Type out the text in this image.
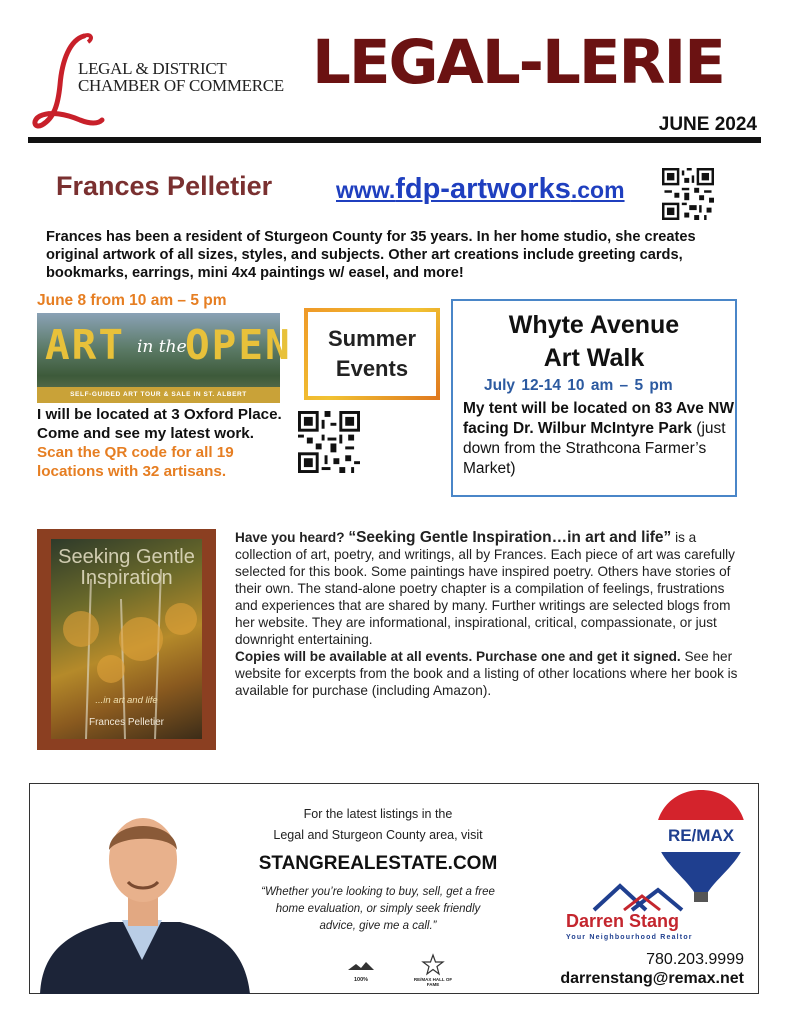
LEGAL & DISTRICT
CHAMBER OF COMMERCE LEGAL-LERIE
JUNE 2024
Frances Pelletier	www.fdp-artworks.com
Frances has been a resident of Sturgeon County for 35 years. In her home studio, she creates original artwork of all sizes, styles, and subjects. Other art creations include greeting cards, bookmarks, earrings, mini 4x4 paintings w/ easel, and more!
June 8 from 10 am – 5 pm
ART in the
OPEN
SELF-GUIDED ART TOUR & SALE IN ST. ALBERT
I will be located at 3 Oxford Place. Come and see my latest work. Scan the QR code for all 19 locations with 32 artisans.
Summer
Events
Whyte Avenue
Art Walk
July 12-14 10 am – 5 pm
My tent will be located on 83 Ave NW facing Dr. Wilbur McIntyre Park (just down from the Strathcona Farmer’s Market)
Seeking Gentle Inspiration
...in art and life
Frances Pelletier
Have you heard? “Seeking Gentle Inspiration…in art and life” is a collection of art, poetry, and writings, all by Frances. Each piece of art was carefully selected for this book. Some paintings have inspired poetry. Others have stories of their own. The stand-alone poetry chapter is a compilation of feelings, frustrations and experiences that are shared by many. Further writings are selected blogs from her website. They are informational, inspirational, critical, compassionate, or just downright entertaining.
Copies will be available at all events. Purchase one and get it signed. See her website for excerpts from the book and a listing of other locations where her book is available for purchase (including Amazon).
For the latest listings in the
Legal and Sturgeon County area, visit
STANGREALESTATE.COM
“Whether you’re looking to buy, sell, get a free home evaluation, or simply seek friendly advice, give me a call.”
100%	RE/MAX HALL OF FAME
RE/MAX
Darren Stang
Your Neighbourhood Realtor
780.203.9999
darrenstang@remax.net
